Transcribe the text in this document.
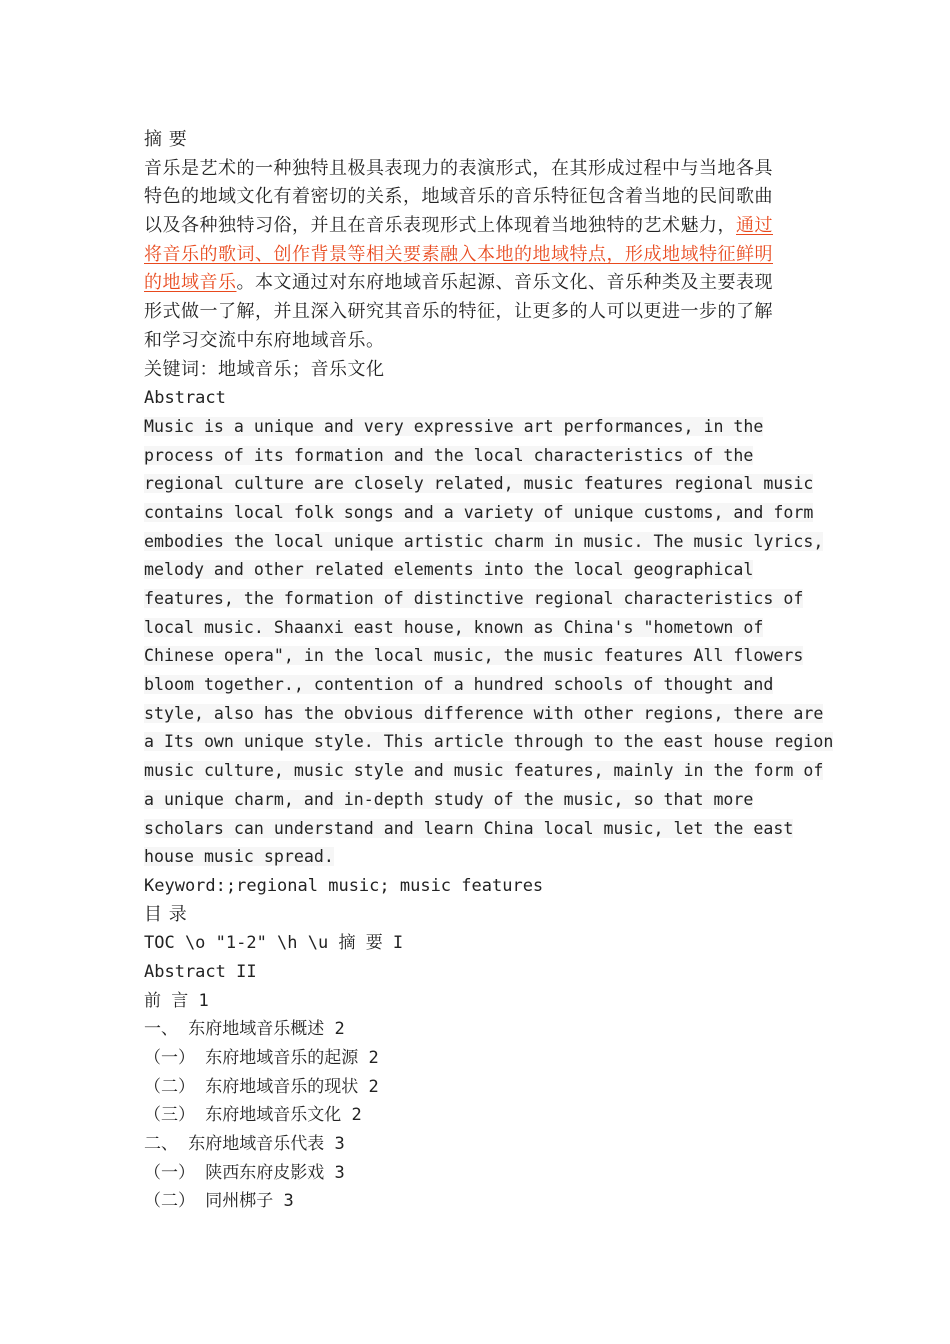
摘 要
音乐是艺术的一种独特且极具表现力的表演形式，在其形成过程中与当地各具
特色的地域文化有着密切的关系，地域音乐的音乐特征包含着当地的民间歌曲
以及各种独特习俗，并且在音乐表现形式上体现着当地独特的艺术魅力，通过
将音乐的歌词、创作背景等相关要素融入本地的地域特点，形成地域特征鲜明
的地域音乐。本文通过对东府地域音乐起源、音乐文化、音乐种类及主要表现
形式做一了解，并且深入研究其音乐的特征，让更多的人可以更进一步的了解
和学习交流中东府地域音乐。
关键词：地域音乐；音乐文化
Abstract
Music is a unique and very expressive art performances, in the
process of its formation and the local characteristics of the
regional culture are closely related, music features regional music
contains local folk songs and a variety of unique customs, and form
embodies the local unique artistic charm in music. The music lyrics,
melody and other related elements into the local geographical
features, the formation of distinctive regional characteristics of
local music. Shaanxi east house, known as China's "hometown of
Chinese opera", in the local music, the music features All flowers
bloom together., contention of a hundred schools of thought and
style, also has the obvious difference with other regions, there are
a Its own unique style. This article through to the east house region
music culture, music style and music features, mainly in the form of
a unique charm, and in-depth study of the music, so that more
scholars can understand and learn China local music, let the east
house music spread.
Keyword:;regional music; music features
目 录
TOC \o "1-2" \h \u 摘 要 I
Abstract II
前 言 1
一、 东府地域音乐概述 2
（一） 东府地域音乐的起源 2
（二） 东府地域音乐的现状 2
（三） 东府地域音乐文化 2
二、 东府地域音乐代表 3
（一） 陕西东府皮影戏 3
（二） 同州梆子 3
